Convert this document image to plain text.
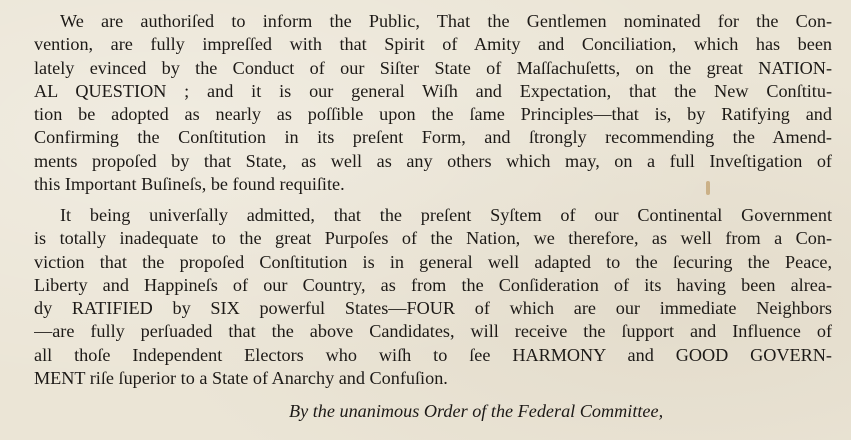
We are authoriſed to inform the Public, That the Gentlemen nominated for the Con-
vention, are fully impreſſed with that Spirit of Amity and Conciliation, which has been
lately evinced by the Conduct of our Siſter State of Maſſachuſetts, on the great NATION-
AL QUESTION ; and it is our general Wiſh and Expectation, that the New Conſtitu-
tion be adopted as nearly as poſſible upon the ſame Principles—that is, by Ratifying and
Confirming the Conſtitution in its preſent Form, and ſtrongly recommending the Amend-
ments propoſed by that State, as well as any others which may, on a full Inveſtigation of
this Important Buſineſs, be found requiſite.
It being univerſally admitted, that the preſent Syſtem of our Continental Government
is totally inadequate to the great Purpoſes of the Nation, we therefore, as well from a Con-
viction that the propoſed Conſtitution is in general well adapted to the ſecuring the Peace,
Liberty and Happineſs of our Country, as from the Conſideration of its having been alrea-
dy RATIFIED by SIX powerful States—FOUR of which are our immediate Neighbors
—are fully perſuaded that the above Candidates, will receive the ſupport and Influence of
all thoſe Independent Electors who wiſh to ſee HARMONY and GOOD GOVERN-
MENT riſe ſuperior to a State of Anarchy and Confuſion.
By the unanimous Order of the Federal Committee,
